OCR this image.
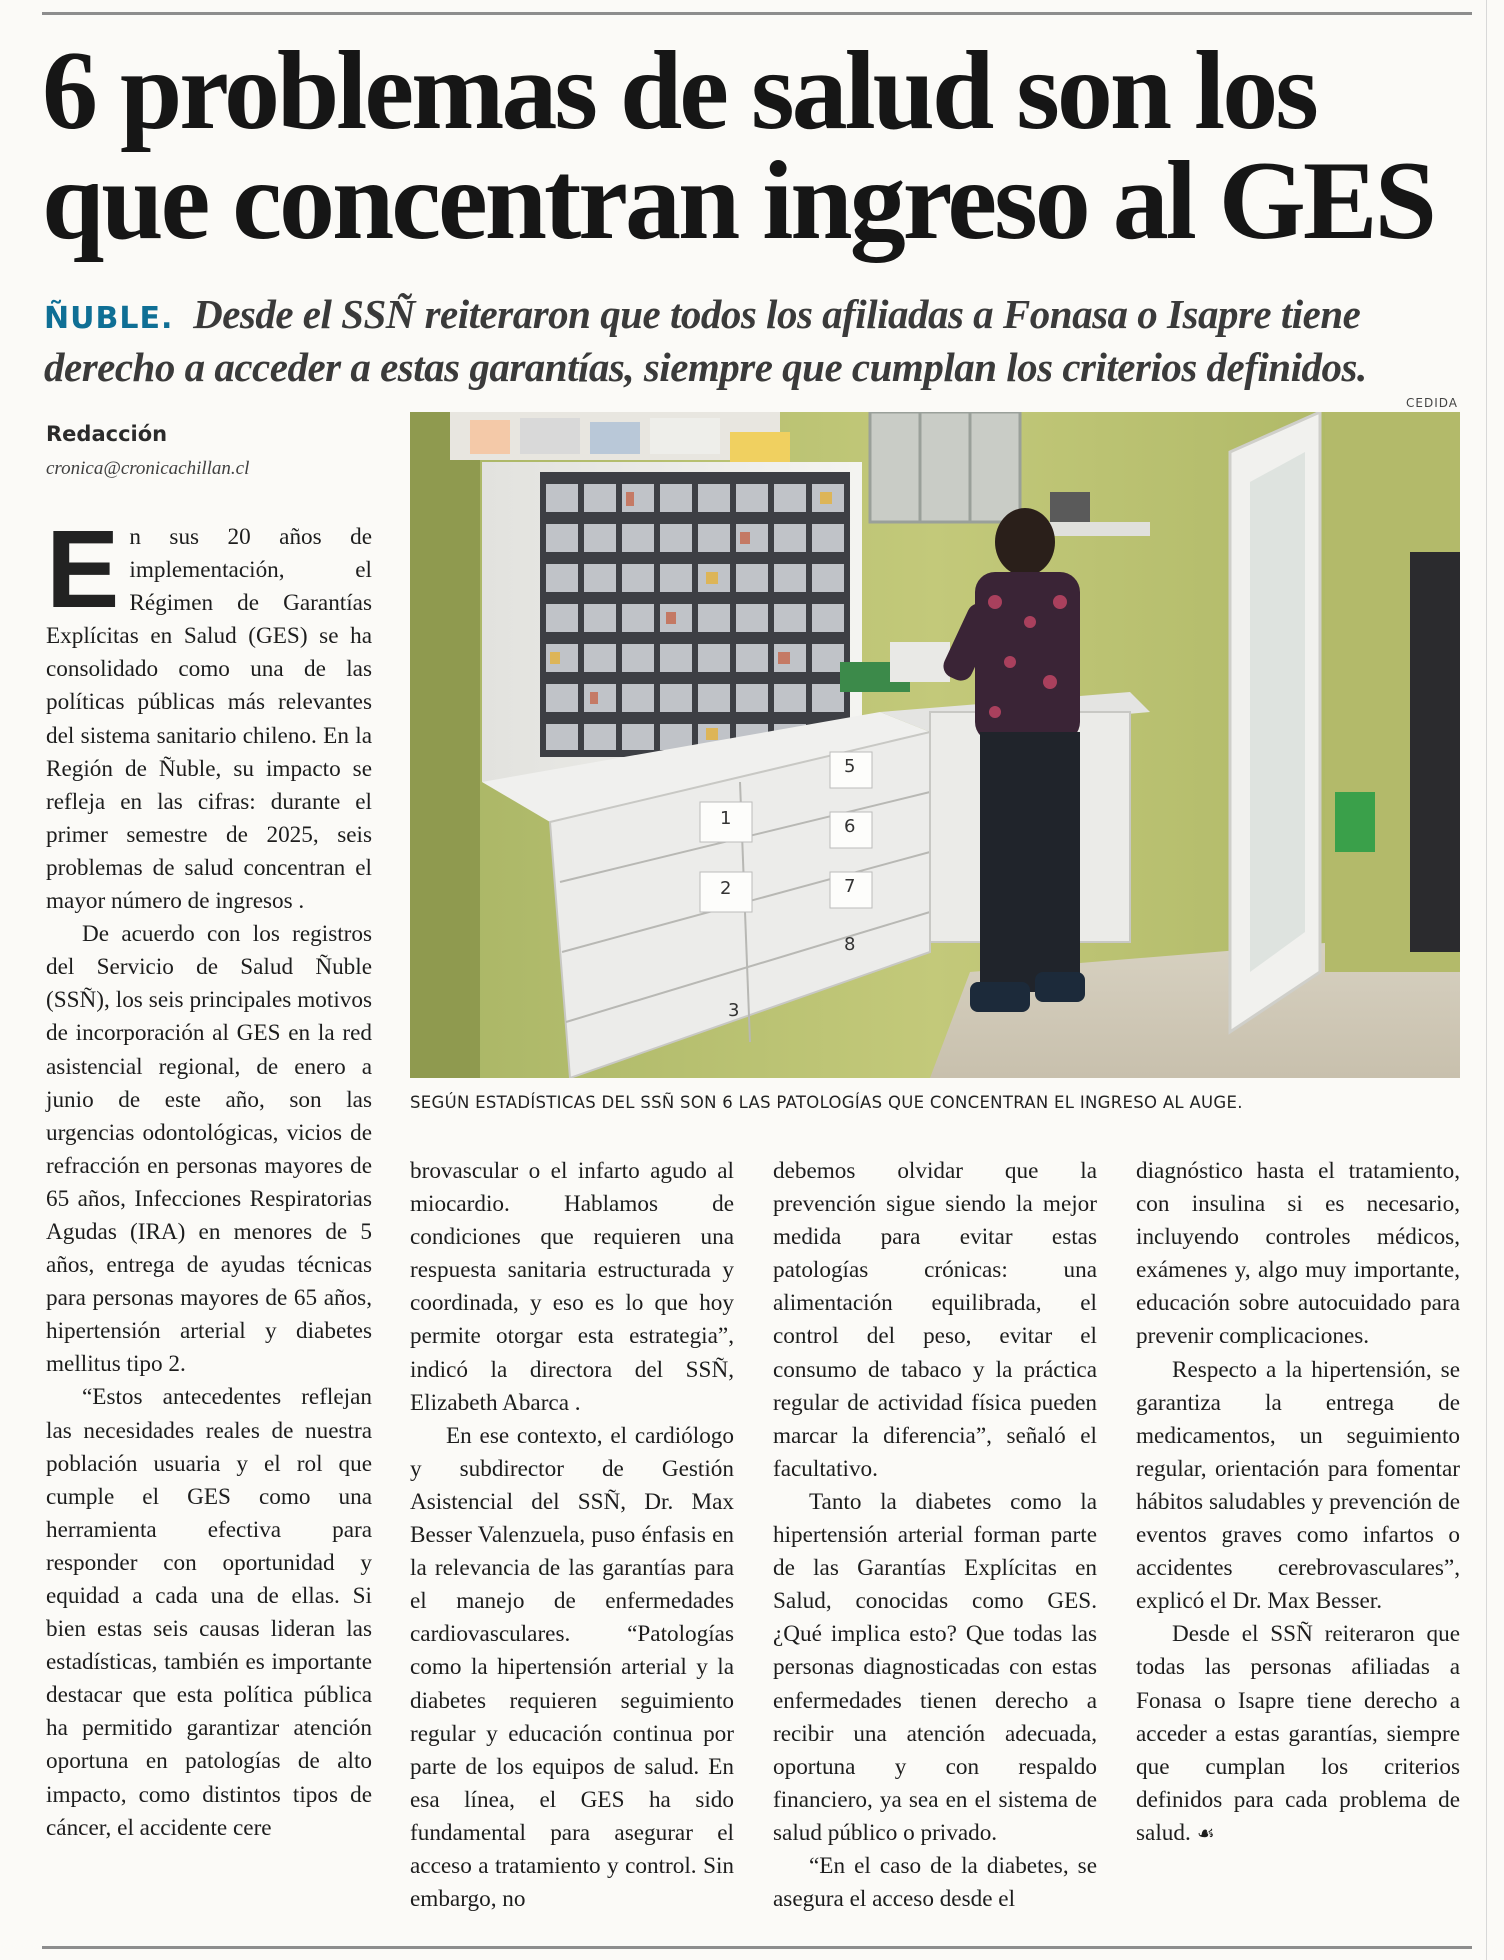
6 problemas de salud son los
que concentran ingreso al GES

ÑUBLE. Desde el SSÑ reiteraron que todos los afiliadas a Fonasa o Isapre tiene derecho a acceder a estas garantías, siempre que cumplan los criterios definidos.

CEDIDA
Redacción
cronica@cronicachillan.cl
1
2
3
5
6
7
8
SEGÚN ESTADÍSTICAS DEL SSÑ SON 6 LAS PATOLOGÍAS QUE CONCENTRAN EL INGRESO AL AUGE.

En sus 20 años de implementación, el Régimen de Garantías Explícitas en Salud (GES) se ha consolidado como una de las políticas públicas más relevantes del sistema sanitario chileno. En la Región de Ñuble, su impacto se refleja en las cifras: durante el primer semestre de 2025, seis problemas de salud concentran el mayor número de ingresos .

De acuerdo con los registros del Servicio de Salud Ñuble (SSÑ), los seis principales motivos de incorporación al GES en la red asistencial regional, de enero a junio de este año, son las urgencias odontológicas, vicios de refracción en personas mayores de 65 años, Infecciones Respiratorias Agudas (IRA) en menores de 5 años, entrega de ayudas técnicas para personas mayores de 65 años, hipertensión arterial y diabetes mellitus tipo 2.

“Estos antecedentes reflejan las necesidades reales de nuestra población usuaria y el rol que cumple el GES como una herramienta efectiva para responder con oportunidad y equidad a cada una de ellas. Si bien estas seis causas lideran las estadísticas, también es importante destacar que esta política pública ha permitido garantizar atención oportuna en patologías de alto impacto, como distintos tipos de cáncer, el accidente cere

brovascular o el infarto agudo al miocardio. Hablamos de condiciones que requieren una respuesta sanitaria estructurada y coordinada, y eso es lo que hoy permite otorgar esta estrategia”, indicó la directora del SSÑ, Elizabeth Abarca .

En ese contexto, el cardiólogo y subdirector de Gestión Asistencial del SSÑ, Dr. Max Besser Valenzuela, puso énfasis en la relevancia de las garantías para el manejo de enfermedades cardiovasculares. “Patologías como la hipertensión arterial y la diabetes requieren seguimiento regular y educación continua por parte de los equipos de salud. En esa línea, el GES ha sido fundamental para asegurar el acceso a tratamiento y control. Sin embargo, no

debemos olvidar que la prevención sigue siendo la mejor medida para evitar estas patologías crónicas: una alimentación equilibrada, el control del peso, evitar el consumo de tabaco y la práctica regular de actividad física pueden marcar la diferencia”, señaló el facultativo.

Tanto la diabetes como la hipertensión arterial forman parte de las Garantías Explícitas en Salud, conocidas como GES. ¿Qué implica esto? Que todas las personas diagnosticadas con estas enfermedades tienen derecho a recibir una atención adecuada, oportuna y con respaldo financiero, ya sea en el sistema de salud público o privado.

“En el caso de la diabetes, se asegura el acceso desde el

diagnóstico hasta el tratamiento, con insulina si es necesario, incluyendo controles médicos, exámenes y, algo muy importante, educación sobre autocuidado para prevenir complicaciones.

Respecto a la hipertensión, se garantiza la entrega de medicamentos, un seguimiento regular, orientación para fomentar hábitos saludables y prevención de eventos graves como infartos o accidentes cerebrovasculares”, explicó el Dr. Max Besser.

Desde el SSÑ reiteraron que todas las personas afiliadas a Fonasa o Isapre tiene derecho a acceder a estas garantías, siempre que cumplan los criterios definidos para cada problema de salud. ☙
